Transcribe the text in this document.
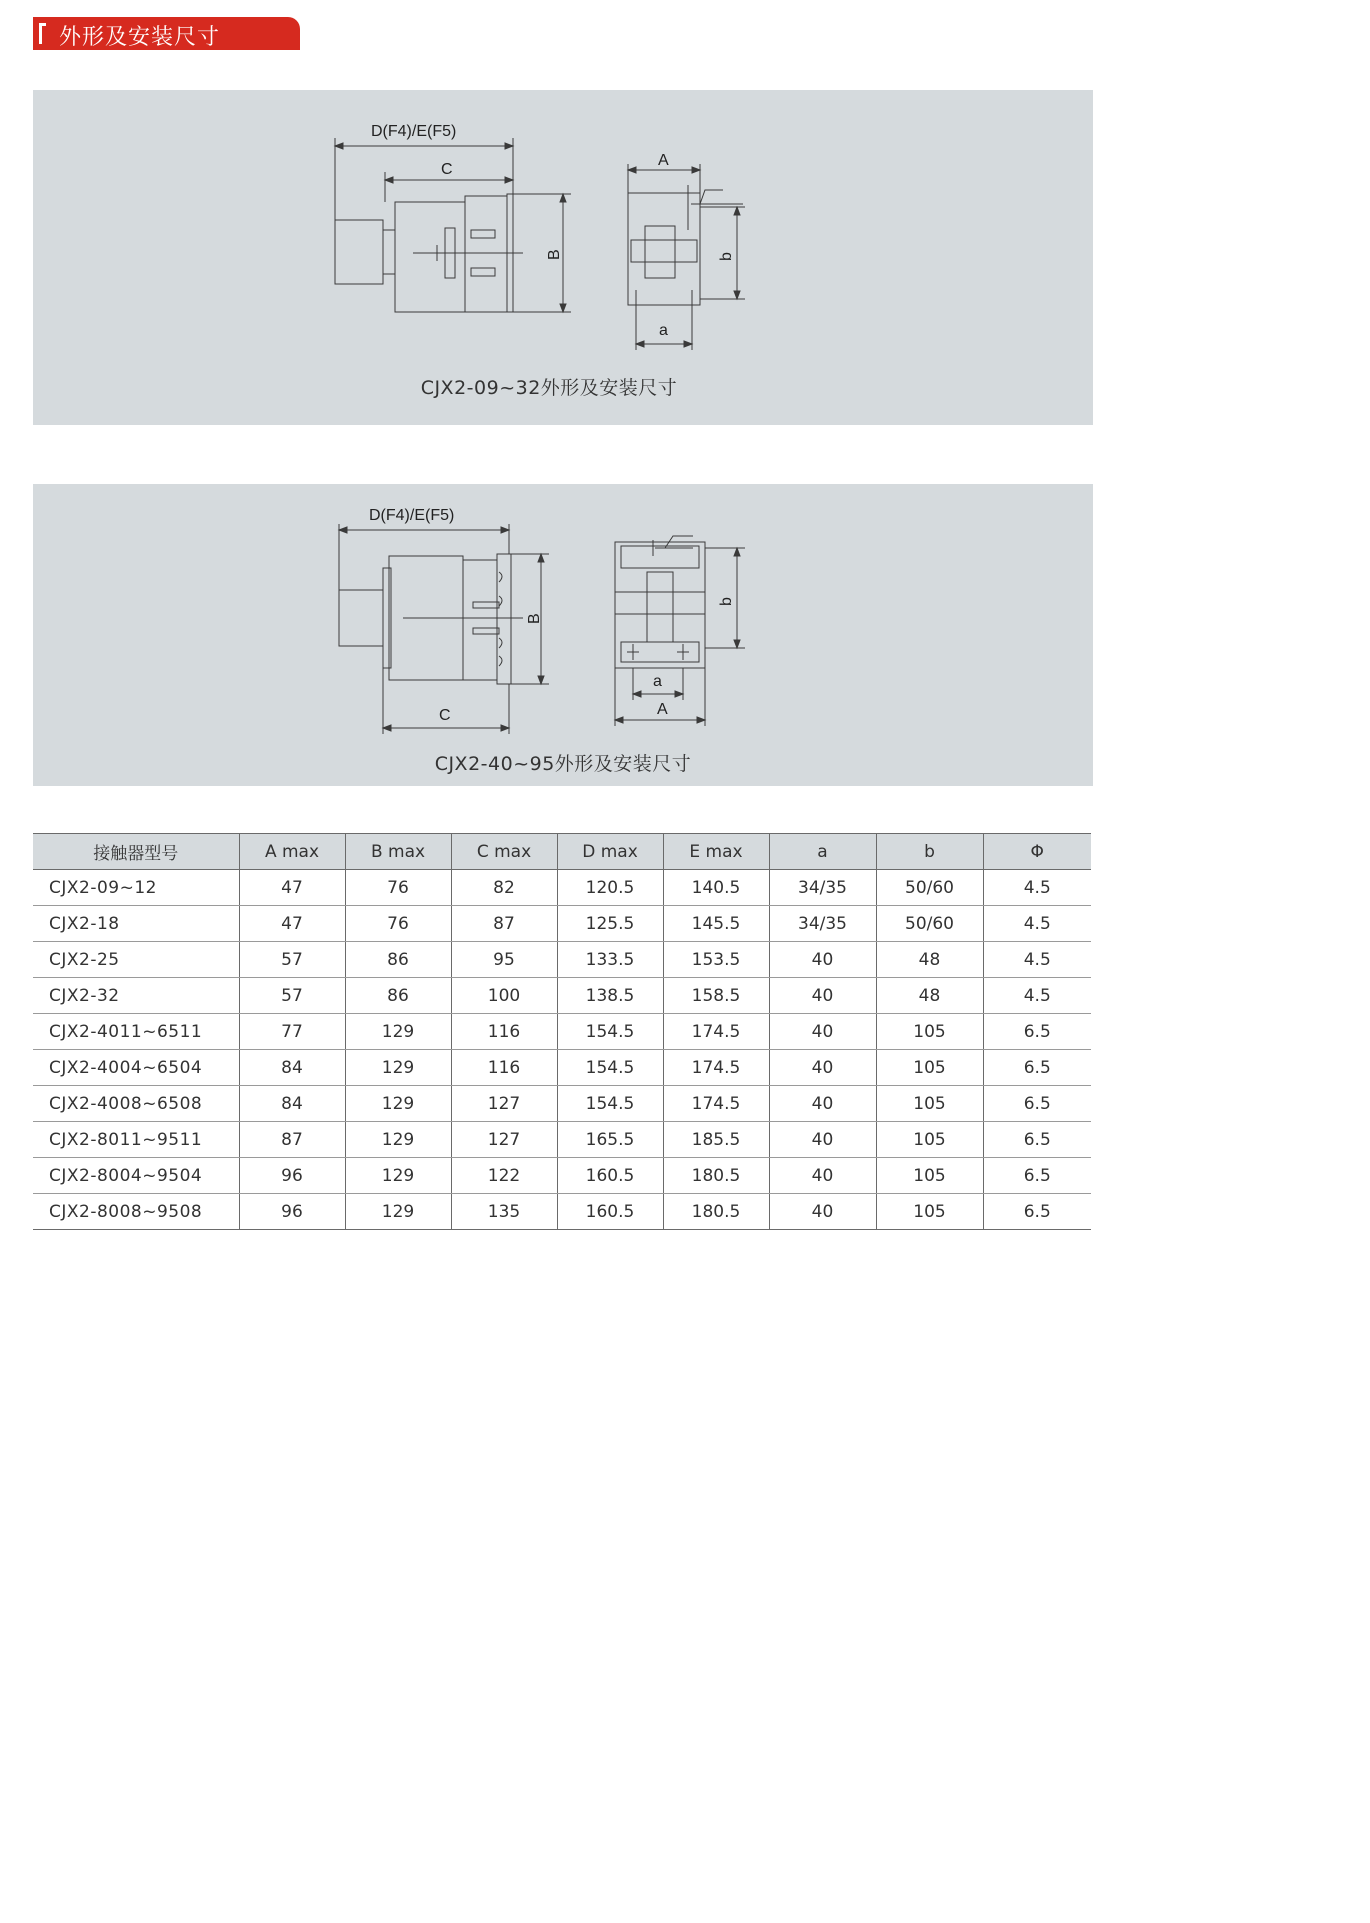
外形及安装尺寸
D(F4)/E(F5)
C
B
A
b
a
CJX2-09~32外形及安装尺寸
D(F4)/E(F5)
B
C
b
a
A
CJX2-40~95外形及安装尺寸
接触器型号	A max	B max	C max	D max	E max	a	b	Φ
CJX2-09~12	47	76	82	120.5	140.5	34/35	50/60	4.5
CJX2-18	47	76	87	125.5	145.5	34/35	50/60	4.5
CJX2-25	57	86	95	133.5	153.5	40	48	4.5
CJX2-32	57	86	100	138.5	158.5	40	48	4.5
CJX2-4011~6511	77	129	116	154.5	174.5	40	105	6.5
CJX2-4004~6504	84	129	116	154.5	174.5	40	105	6.5
CJX2-4008~6508	84	129	127	154.5	174.5	40	105	6.5
CJX2-8011~9511	87	129	127	165.5	185.5	40	105	6.5
CJX2-8004~9504	96	129	122	160.5	180.5	40	105	6.5
CJX2-8008~9508	96	129	135	160.5	180.5	40	105	6.5
